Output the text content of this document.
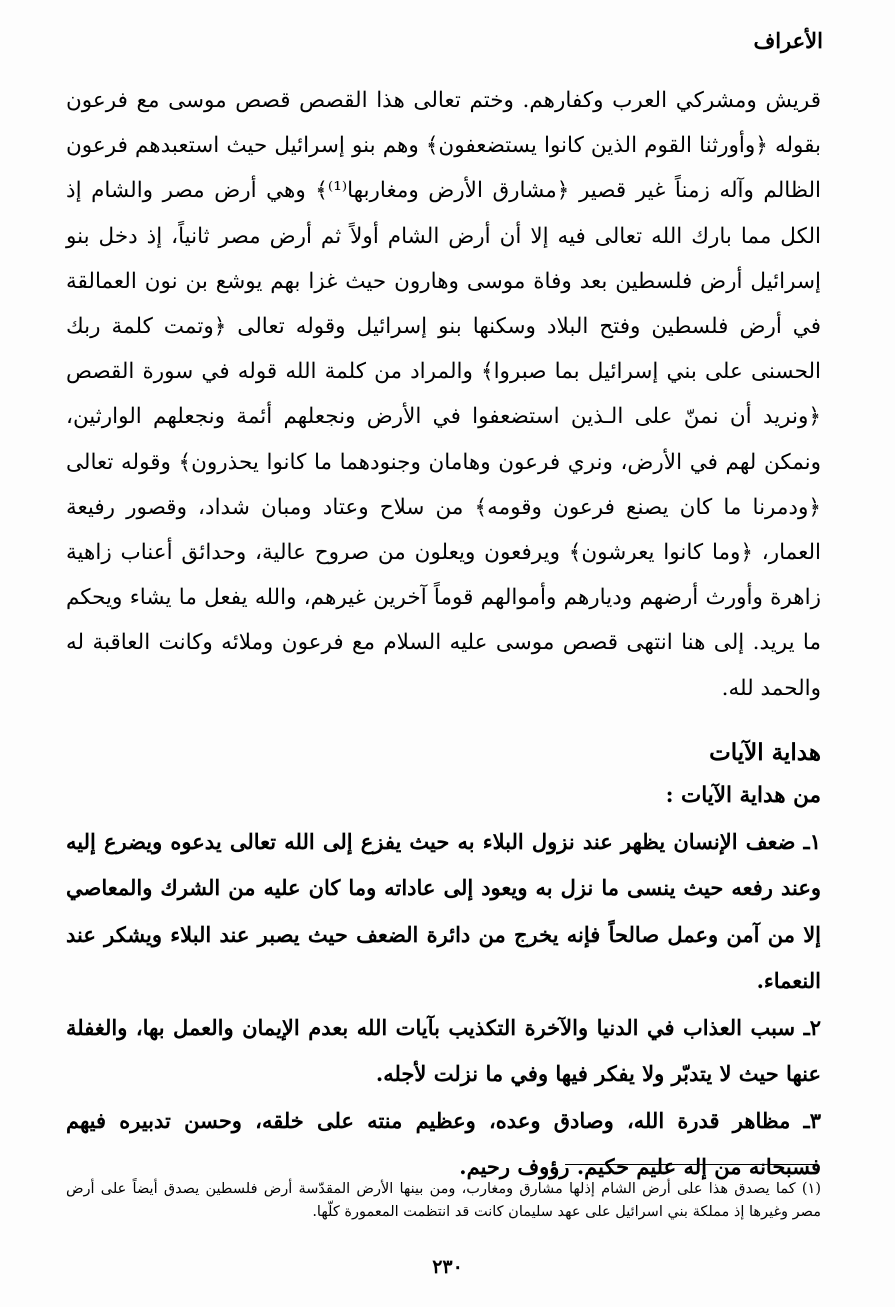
الأعراف

قريش ومشركي العرب وكفارهم. وختم تعالى هذا القصص قصص موسى مع فرعون بقوله ﴿وأورثنا القوم الذين كانوا يستضعفون﴾ وهم بنو إسرائيل حيث استعبدهم فرعون الظالم وآله زمناً غير قصير ﴿مشارق الأرض ومغاربها⁽¹⁾﴾ وهي أرض مصر والشام إذ الكل مما بارك الله تعالى فيه إلا أن أرض الشام أولاً ثم أرض مصر ثانياً، إذ دخل بنو إسرائيل أرض فلسطين بعد وفاة موسى وهارون حيث غزا بهم يوشع بن نون العمالقة في أرض فلسطين وفتح البلاد وسكنها بنو إسرائيل وقوله تعالى ﴿وتمت كلمة ربك الحسنى على بني إسرائيل بما صبروا﴾ والمراد من كلمة الله قوله في سورة القصص ﴿ونريد أن نمنّ على الـذين استضعفوا في الأرض ونجعلهم أئمة ونجعلهم الوارثين، ونمكن لهم في الأرض، ونري فرعون وهامان وجنودهما ما كانوا يحذرون﴾ وقوله تعالى ﴿ودمرنا ما كان يصنع فرعون وقومه﴾ من سلاح وعتاد ومبان شداد، وقصور رفيعة العمار، ﴿وما كانوا يعرشون﴾ ويرفعون ويعلون من صروح عالية، وحدائق أعناب زاهية زاهرة وأورث أرضهم وديارهم وأموالهم قوماً آخرين غيرهم، والله يفعل ما يشاء ويحكم ما يريد. إلى هنا انتهى قصص موسى عليه السلام مع فرعون وملائه وكانت العاقبة له والحمد لله.

هداية الآيات

من هداية الآيات :

١ـ ضعف الإنسان يظهر عند نزول البلاء به حيث يفزع إلى الله تعالى يدعوه ويضرع إليه وعند رفعه حيث ينسى ما نزل به ويعود إلى عاداته وما كان عليه من الشرك والمعاصي إلا من آمن وعمل صالحاً فإنه يخرج من دائرة الضعف حيث يصبر عند البلاء ويشكر عند النعماء.
٢ـ سبب العذاب في الدنيا والآخرة التكذيب بآيات الله بعدم الإيمان والعمل بها، والغفلة عنها حيث لا يتدبّر ولا يفكر فيها وفي ما نزلت لأجله.
٣ـ مظاهر قدرة الله، وصادق وعده، وعظيم منته على خلقه، وحسن تدبيره فيهم فسبحانه من إله عليم حكيم. رؤوف رحيم.

(١) كما يصدق هذا على أرض الشام إذلها مشارق ومغارب، ومن بينها الأرض المقدّسة أرض فلسطين يصدق أيضاً على أرض مصر وغيرها إذ مملكة بني اسرائيل على عهد سليمان كانت قد انتظمت المعمورة كلّها.

٢٣٠
